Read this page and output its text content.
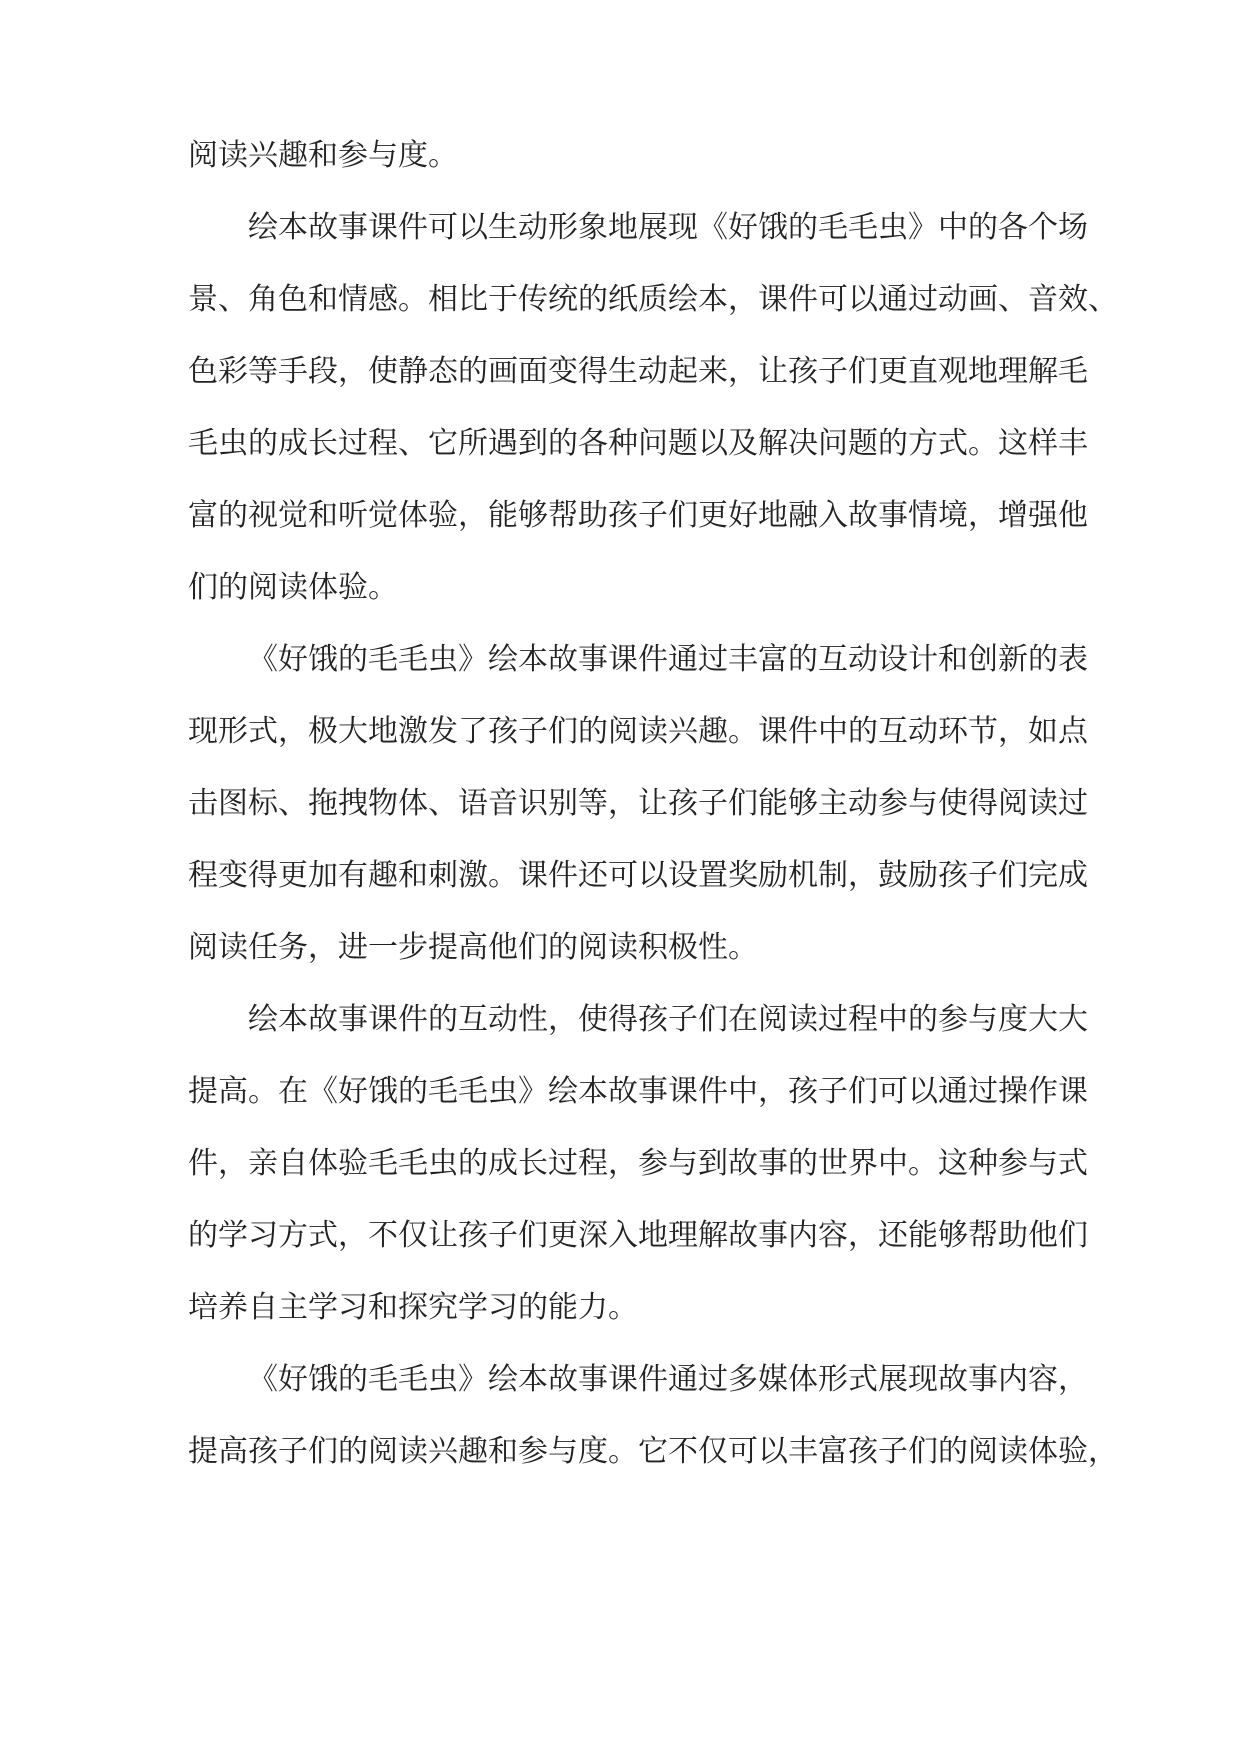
阅读兴趣和参与度。

绘本故事课件可以生动形象地展现《好饿的毛毛虫》中的各个场

景、角色和情感。相比于传统的纸质绘本，课件可以通过动画、音效、

色彩等手段，使静态的画面变得生动起来，让孩子们更直观地理解毛

毛虫的成长过程、它所遇到的各种问题以及解决问题的方式。这样丰

富的视觉和听觉体验，能够帮助孩子们更好地融入故事情境，增强他

们的阅读体验。

《好饿的毛毛虫》绘本故事课件通过丰富的互动设计和创新的表

现形式，极大地激发了孩子们的阅读兴趣。课件中的互动环节，如点

击图标、拖拽物体、语音识别等，让孩子们能够主动参与使得阅读过

程变得更加有趣和刺激。课件还可以设置奖励机制，鼓励孩子们完成

阅读任务，进一步提高他们的阅读积极性。

绘本故事课件的互动性，使得孩子们在阅读过程中的参与度大大

提高。在《好饿的毛毛虫》绘本故事课件中，孩子们可以通过操作课

件，亲自体验毛毛虫的成长过程，参与到故事的世界中。这种参与式

的学习方式，不仅让孩子们更深入地理解故事内容，还能够帮助他们

培养自主学习和探究学习的能力。

《好饿的毛毛虫》绘本故事课件通过多媒体形式展现故事内容，

提高孩子们的阅读兴趣和参与度。它不仅可以丰富孩子们的阅读体验，
